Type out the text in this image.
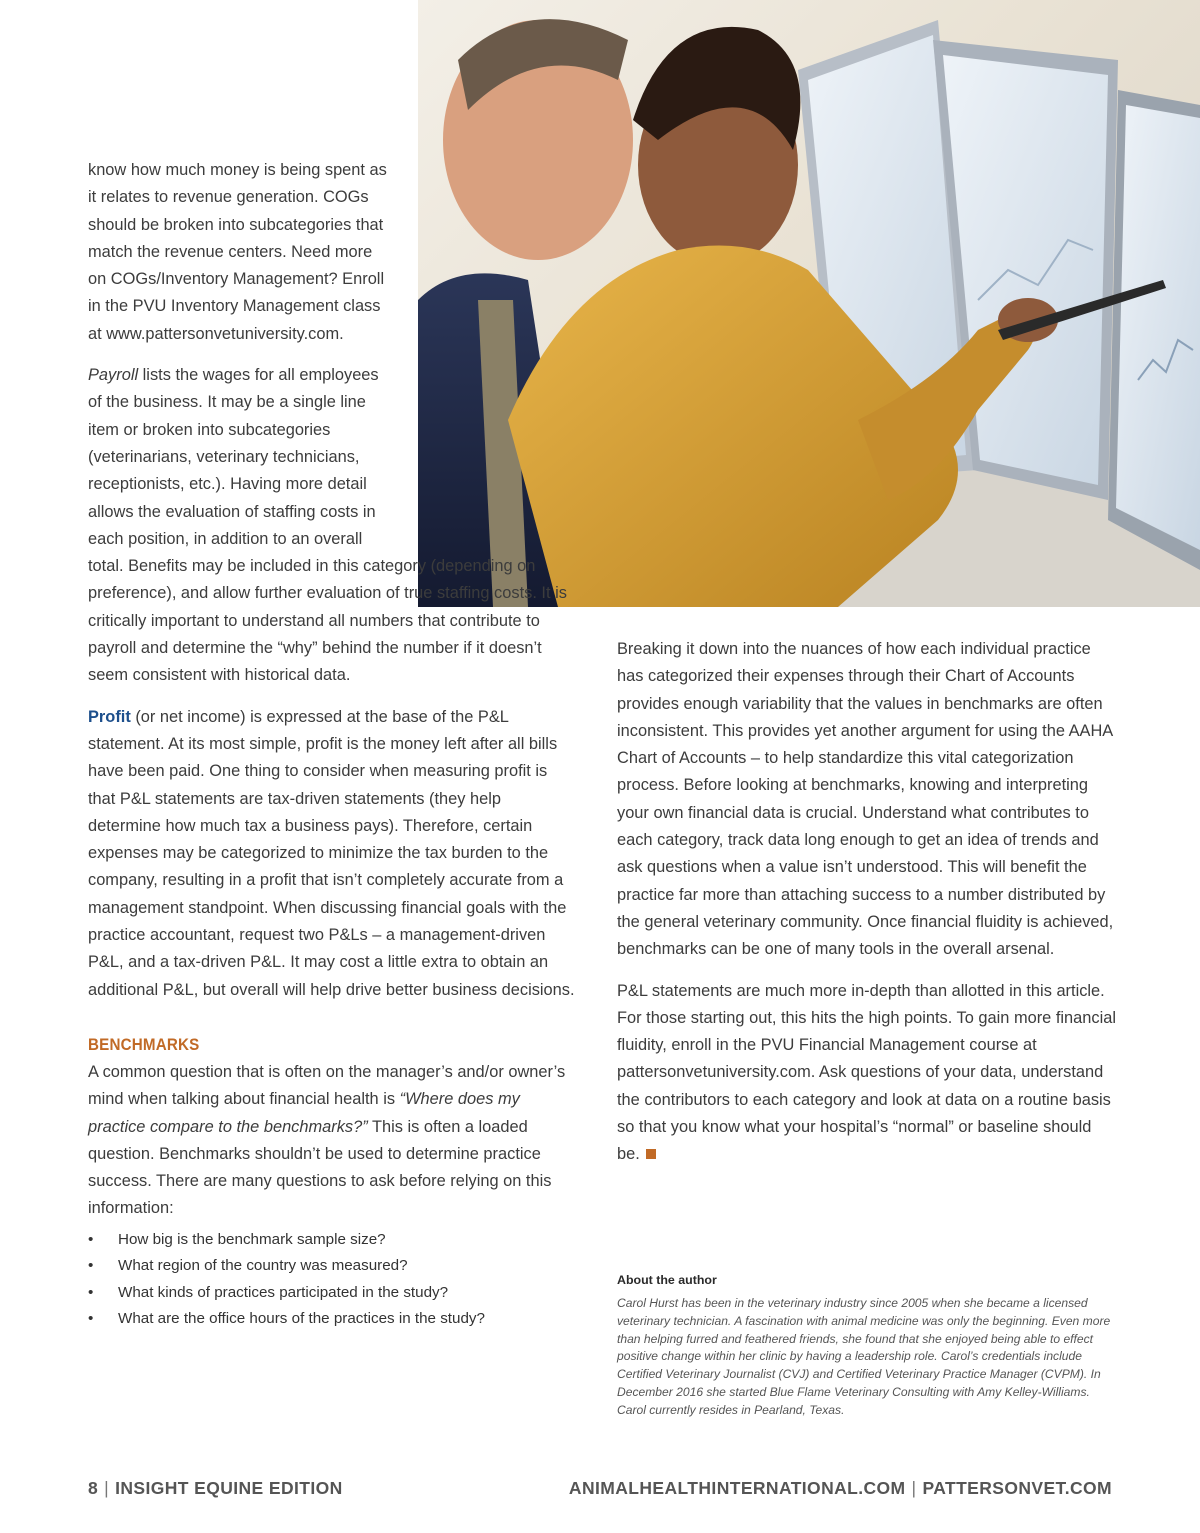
know how much money is being spent as it relates to revenue generation. COGs should be broken into subcategories that match the revenue centers. Need more on COGs/Inventory Management? Enroll in the PVU Inventory Management class at www.pattersonvetuniversity.com.

Payroll lists the wages for all employees of the business. It may be a single line item or broken into subcategories (veterinarians, veterinary technicians, receptionists, etc.). Having more detail allows the evaluation of staffing costs in each position, in addition to an overall
total. Benefits may be included in this category (depending on preference), and allow further evaluation of true staffing costs. It is critically important to understand all numbers that contribute to payroll and determine the “why” behind the number if it doesn’t seem consistent with historical data.

Profit (or net income) is expressed at the base of the P&L statement. At its most simple, profit is the money left after all bills have been paid. One thing to consider when measuring profit is that P&L statements are tax-driven statements (they help determine how much tax a business pays). Therefore, certain expenses may be categorized to minimize the tax burden to the company, resulting in a profit that isn’t completely accurate from a management standpoint. When discussing financial goals with the practice accountant, request two P&Ls – a management-driven P&L, and a tax-driven P&L. It may cost a little extra to obtain an additional P&L, but overall will help drive better business decisions.

BENCHMARKS

A common question that is often on the manager’s and/or owner’s mind when talking about financial health is “Where does my practice compare to the benchmarks?” This is often a loaded question. Benchmarks shouldn’t be used to determine practice success. There are many questions to ask before relying on this information:

• How big is the benchmark sample size?
• What region of the country was measured?
• What kinds of practices participated in the study?
• What are the office hours of the practices in the study?

Breaking it down into the nuances of how each individual practice has categorized their expenses through their Chart of Accounts provides enough variability that the values in benchmarks are often inconsistent. This provides yet another argument for using the AAHA Chart of Accounts – to help standardize this vital categorization process. Before looking at benchmarks, knowing and interpreting your own financial data is crucial. Understand what contributes to each category, track data long enough to get an idea of trends and ask questions when a value isn’t understood. This will benefit the practice far more than attaching success to a number distributed by the general veterinary community. Once financial fluidity is achieved, benchmarks can be one of many tools in the overall arsenal.

P&L statements are much more in-depth than allotted in this article. For those starting out, this hits the high points. To gain more financial fluidity, enroll in the PVU Financial Management course at pattersonvetuniversity.com. Ask questions of your data, understand the contributors to each category and look at data on a routine basis so that you know what your hospital’s “normal” or baseline should be.

About the author
Carol Hurst has been in the veterinary industry since 2005 when she became a licensed veterinary technician. A fascination with animal medicine was only the beginning. Even more than helping furred and feathered friends, she found that she enjoyed being able to effect positive change within her clinic by having a leadership role. Carol’s credentials include Certified Veterinary Journalist (CVJ) and Certified Veterinary Practice Manager (CVPM). In December 2016 she started Blue Flame Veterinary Consulting with Amy Kelley-Williams. Carol currently resides in Pearland, Texas.
8 | INSIGHT EQUINE EDITION	ANIMALHEALTHINTERNATIONAL.COM | PATTERSONVET.COM
